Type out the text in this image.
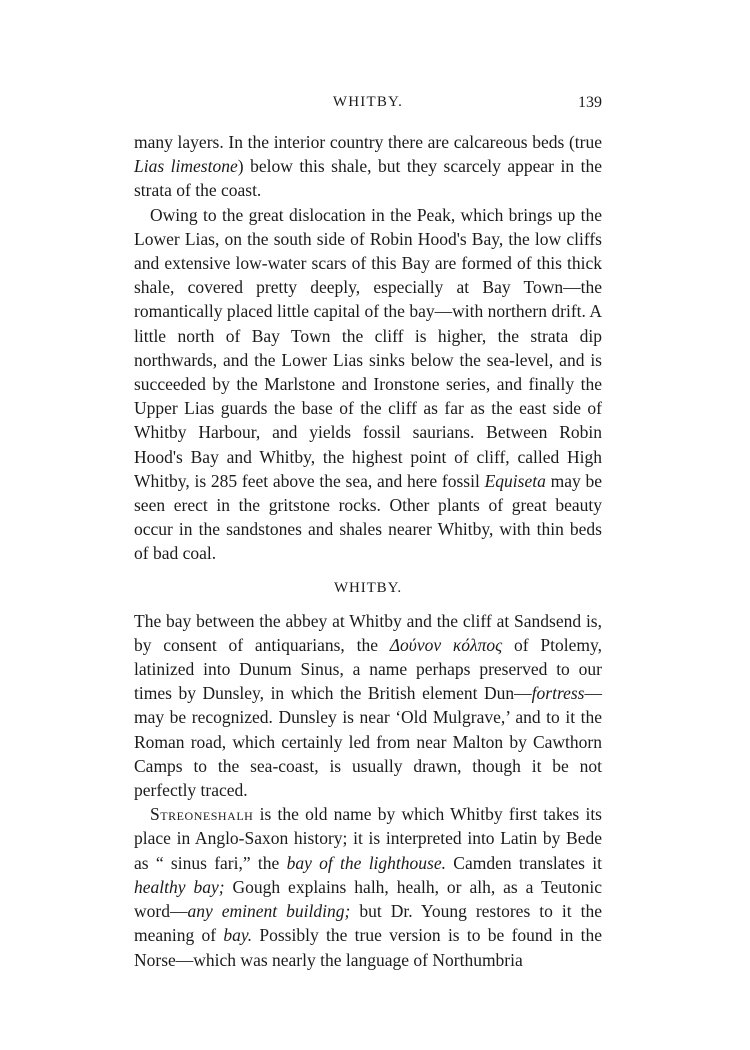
WHITBY.	139

many layers. In the interior country there are calcareous beds (true Lias limestone) below this shale, but they scarcely appear in the strata of the coast.

Owing to the great dislocation in the Peak, which brings up the Lower Lias, on the south side of Robin Hood's Bay, the low cliffs and extensive low-water scars of this Bay are formed of this thick shale, covered pretty deeply, especially at Bay Town—the romantically placed little capital of the bay—with northern drift. A little north of Bay Town the cliff is higher, the strata dip northwards, and the Lower Lias sinks below the sea-level, and is succeeded by the Marlstone and Ironstone series, and finally the Upper Lias guards the base of the cliff as far as the east side of Whitby Harbour, and yields fossil saurians. Between Robin Hood's Bay and Whitby, the highest point of cliff, called High Whitby, is 285 feet above the sea, and here fossil Equiseta may be seen erect in the gritstone rocks. Other plants of great beauty occur in the sandstones and shales nearer Whitby, with thin beds of bad coal.

WHITBY.

The bay between the abbey at Whitby and the cliff at Sandsend is, by consent of antiquarians, the Δούνον κόλπος of Ptolemy, latinized into Dunum Sinus, a name perhaps preserved to our times by Dunsley, in which the British element Dun—fortress—may be recognized. Dunsley is near ‘Old Mulgrave,’ and to it the Roman road, which certainly led from near Malton by Cawthorn Camps to the sea-coast, is usually drawn, though it be not perfectly traced.

Streoneshalh is the old name by which Whitby first takes its place in Anglo-Saxon history; it is interpreted into Latin by Bede as “ sinus fari,” the bay of the lighthouse. Camden translates it healthy bay; Gough explains halh, healh, or alh, as a Teutonic word—any eminent building; but Dr. Young restores to it the meaning of bay. Possibly the true version is to be found in the Norse—which was nearly the language of Northumbria
